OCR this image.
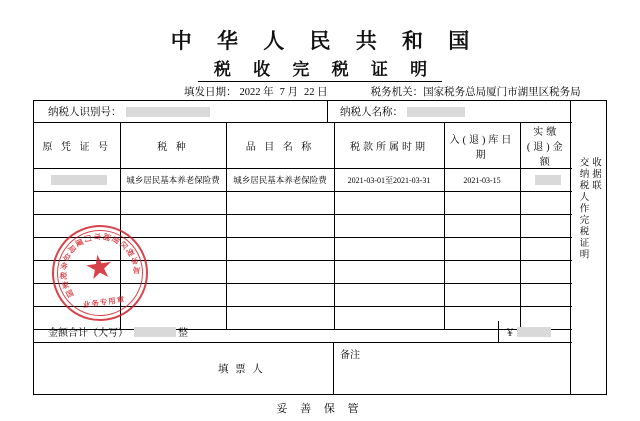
中 华 人 民 共 和 国
税 收 完 税 证 明
填发日期： 2022 年 7 月 22 日	税务机关：国家税务总局厦门市湖里区税务局
收据联
交纳税人作完税证明
纳税人识别号：	纳税人名称：
原 凭 证 号	税 种	品 目 名 称	税款所属时期	入(退)库日期	实缴(退)金额
	城乡居民基本养老保险费	城乡居民基本养老保险费	2021-03-01至2021-03-31	2021-03-15	

金额合计（大写）	整	￥
填 票 人
备注
国
家
税
务
总
局
厦
门 市 湖
里
区
税
务
局
业务专用章
妥 善 保 管
